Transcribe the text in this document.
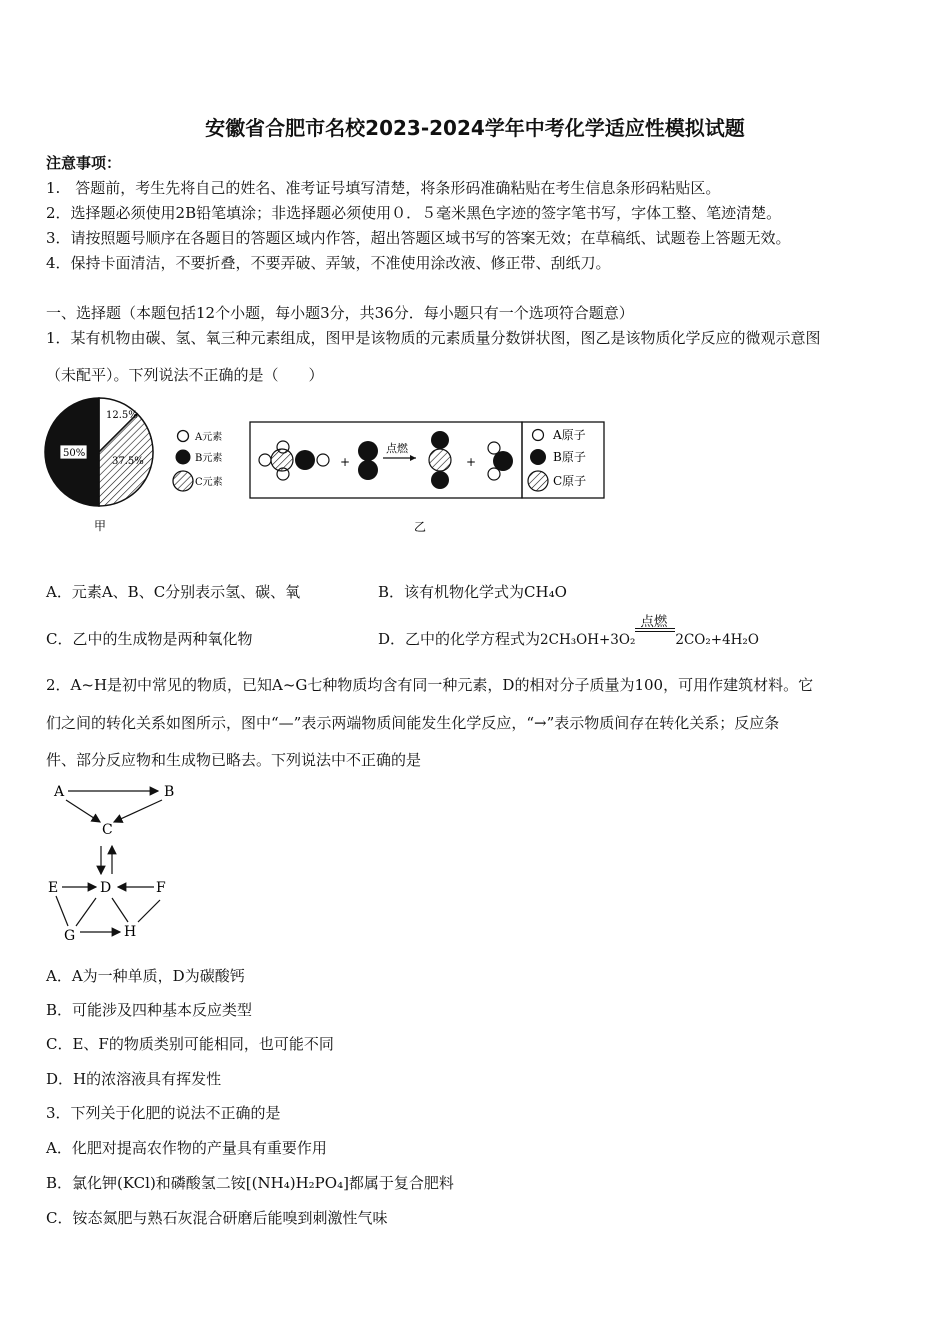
安徽省合肥市名校2023-2024学年中考化学适应性模拟试题
注意事项：
1.　答题前，考生先将自己的姓名、准考证号填写清楚，将条形码准确粘贴在考生信息条形码粘贴区。
2．选择题必须使用2B铅笔填涂；非选择题必须使用０．５毫米黑色字迹的签字笔书写，字体工整、笔迹清楚。
3．请按照题号顺序在各题目的答题区域内作答，超出答题区域书写的答案无效；在草稿纸、试题卷上答题无效。
4．保持卡面清洁，不要折叠，不要弄破、弄皱，不准使用涂改液、修正带、刮纸刀。
一、选择题（本题包括12个小题，每小题3分，共36分．每小题只有一个选项符合题意）
1．某有机物由碳、氢、氧三种元素组成，图甲是该物质的元素质量分数饼状图，图乙是该物质化学反应的微观示意图
（未配平）。下列说法不正确的是（　　）
12.5%
37.5%
50%
A元素
B元素
C元素
甲
+
点燃
+
A原子
B原子
C原子
乙
A．元素A、B、C分别表示氢、碳、氧	B．该有机物化学式为CH₄O
C．乙中的生成物是两种氧化物	D．乙中的化学方程式为2CH₃OH+3O₂
点燃
2CO₂+4H₂O
2．A~H是初中常见的物质，已知A~G七种物质均含有同一种元素，D的相对分子质量为100，可用作建筑材料。它
们之间的转化关系如图所示，图中“—”表示两端物质间能发生化学反应，“→”表示物质间存在转化关系；反应条
件、部分反应物和生成物已略去。下列说法中不正确的是
A	B
C
D
E	F
G	H
A．A为一种单质，D为碳酸钙
B．可能涉及四种基本反应类型
C．E、F的物质类别可能相同，也可能不同
D．H的浓溶液具有挥发性
3．下列关于化肥的说法不正确的是
A．化肥对提高农作物的产量具有重要作用
B．氯化钾(KCl)和磷酸氢二铵[(NH₄)H₂PO₄]都属于复合肥料
C．铵态氮肥与熟石灰混合研磨后能嗅到刺激性气味
